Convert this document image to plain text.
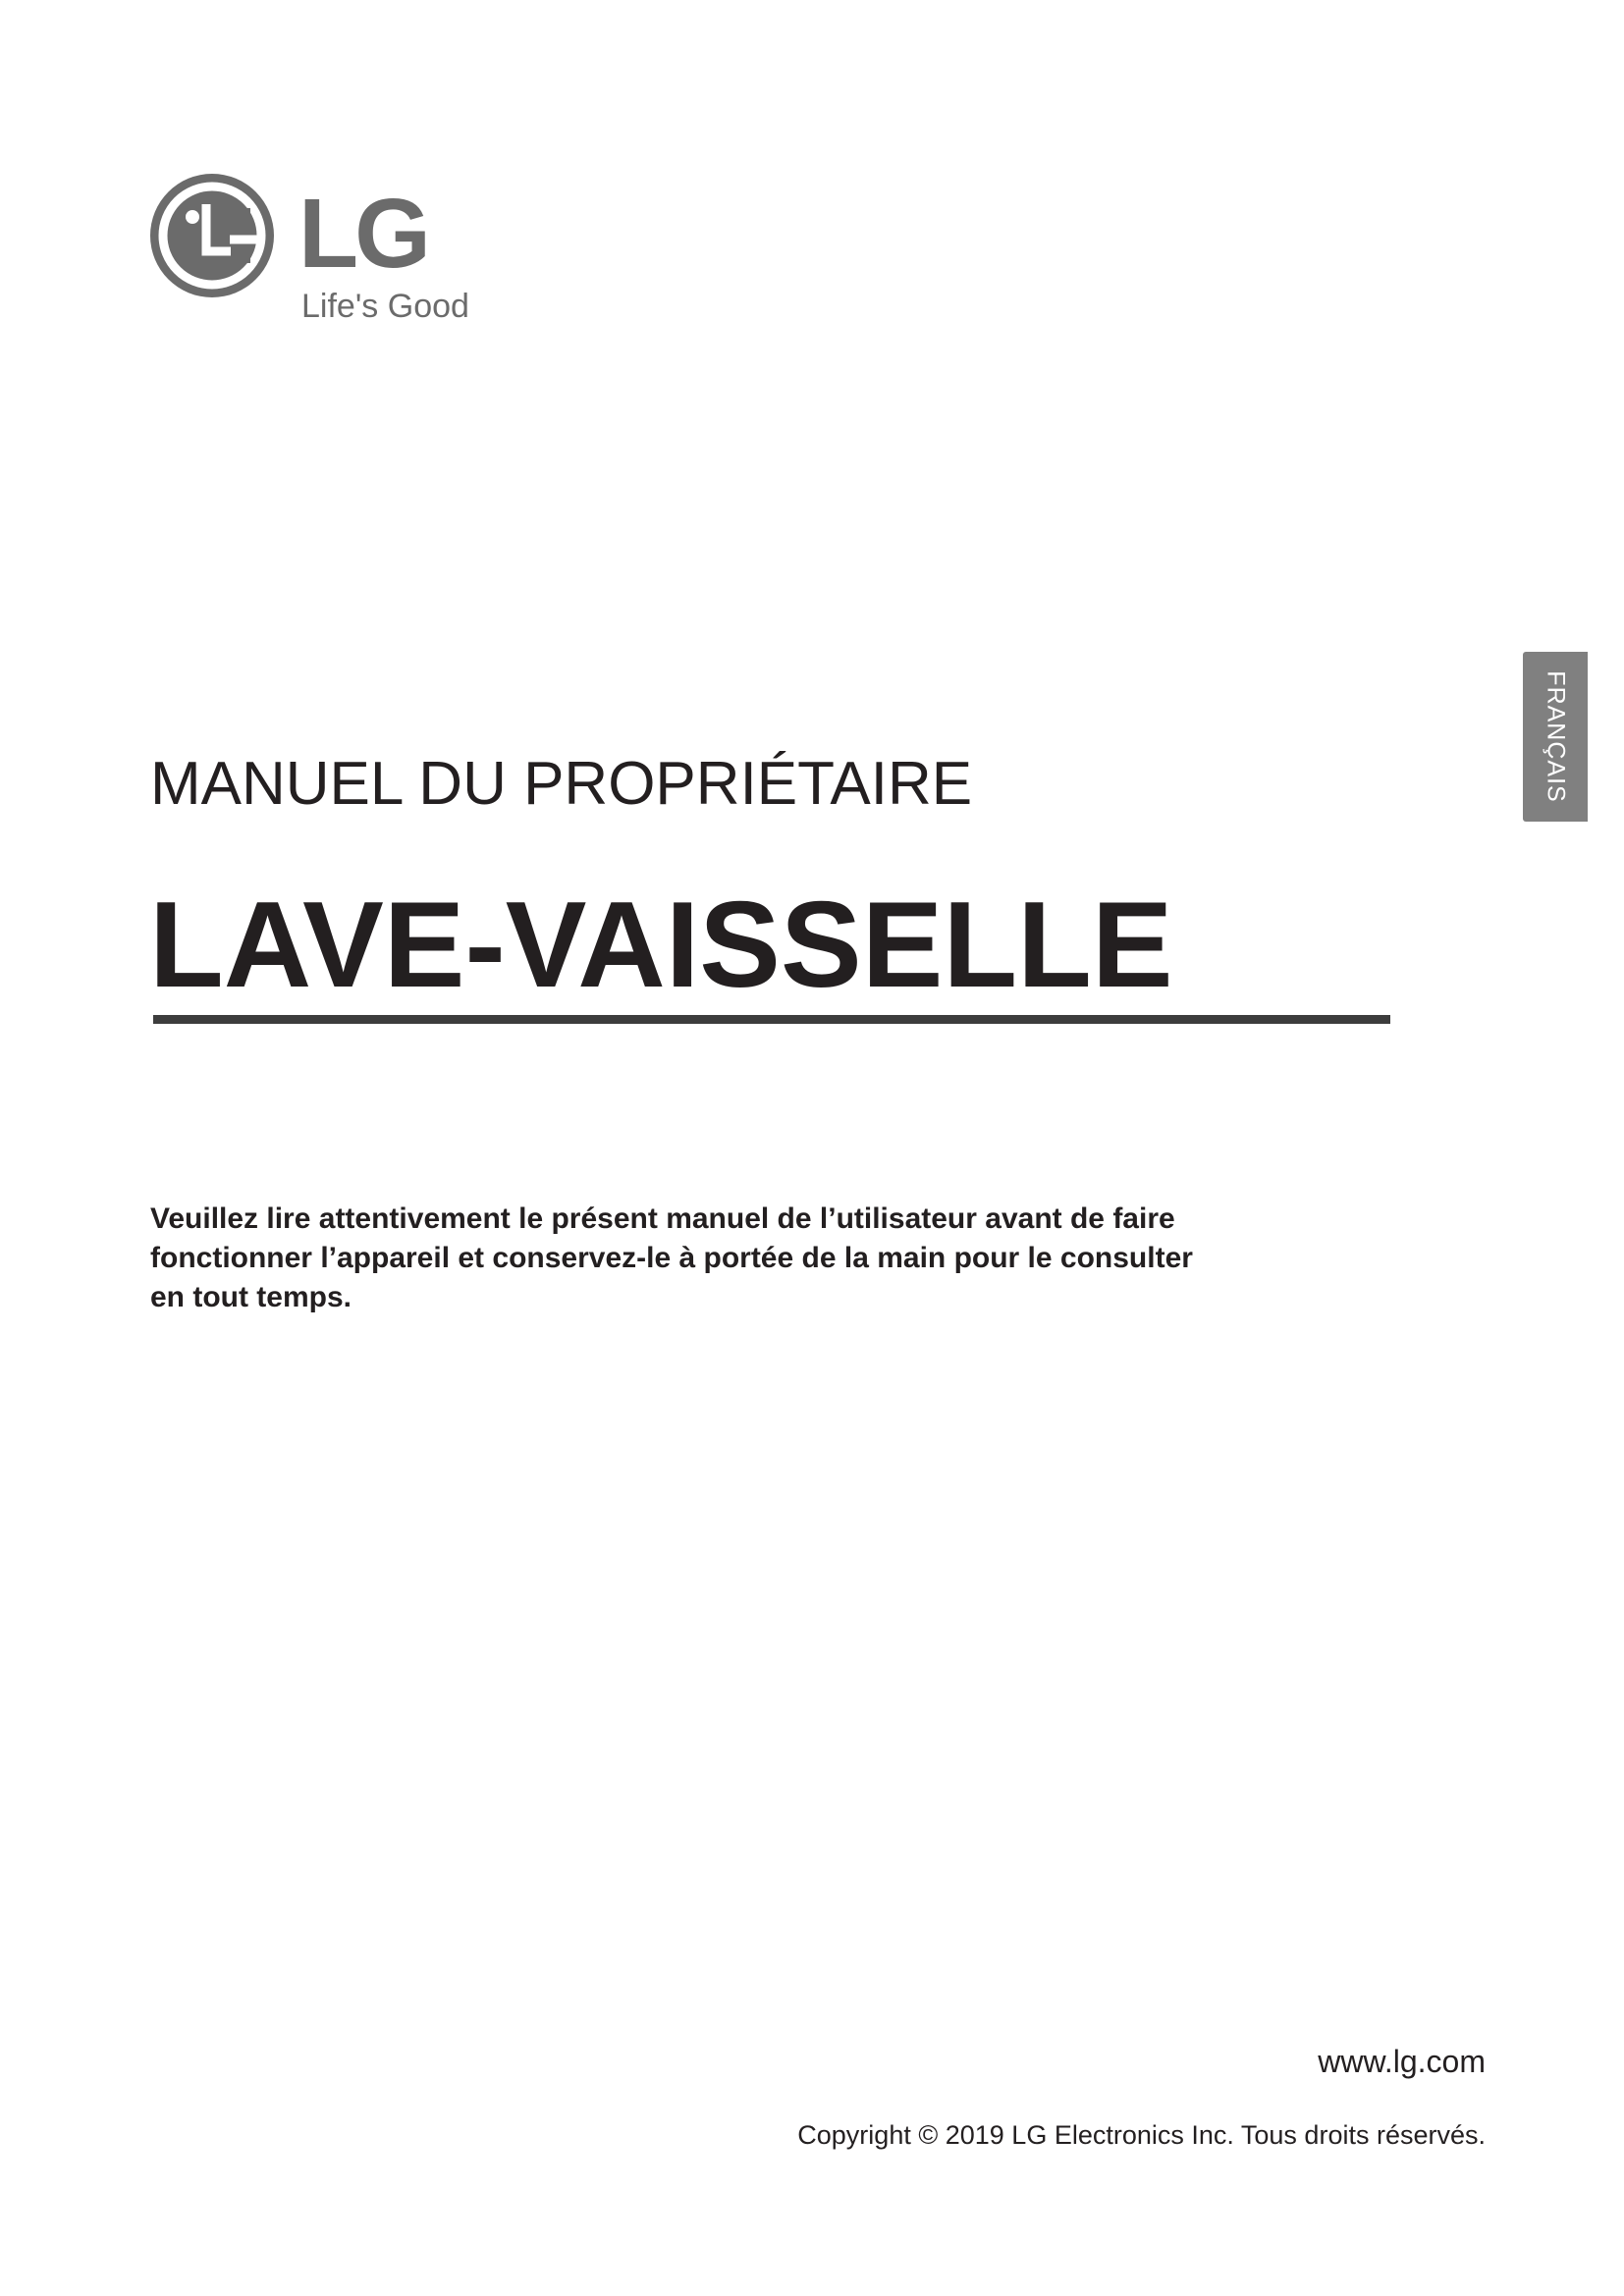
LG
Life's Good
FRANÇAIS
MANUEL DU PROPRIÉTAIRE
LAVE-VAISSELLE

Veuillez lire attentivement le présent manuel de l’utilisateur avant de faire fonctionner l’appareil et conservez-le à portée de la main pour le consulter en tout temps.

www.lg.com
Copyright © 2019 LG Electronics Inc. Tous droits réservés.
